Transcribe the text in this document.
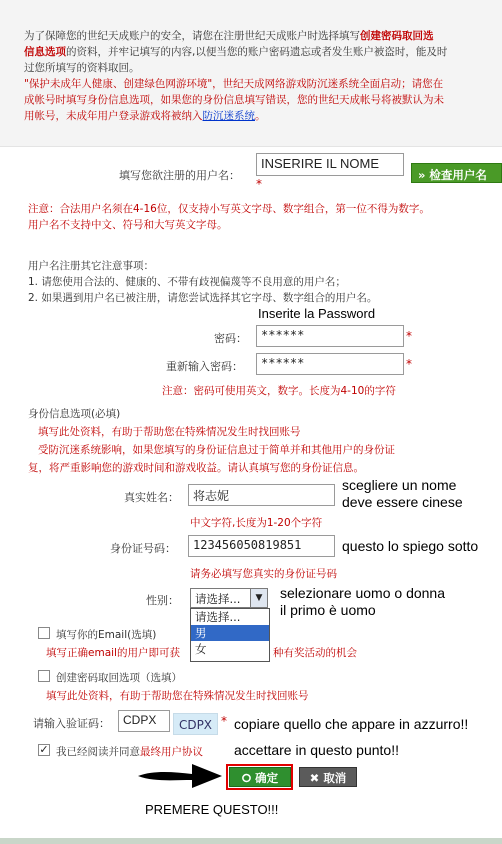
为了保障您的世纪天成账户的安全，请您在注册世纪天成账户时选择填写创建密码取回选
信息选项的资料，并牢记填写的内容,以便当您的账户密码遗忘或者发生账户被盗时，能及时
过您所填写的资料取回。
"保护未成年人健康、创建绿色网游环境"，世纪天成网络游戏防沉迷系统全面启动；请您在
成帐号时填写身份信息选项，如果您的身份信息填写错误，您的世纪天成帐号将被默认为未
用帐号，未成年用户登录游戏将被纳入防沉迷系统。
填写您欲注册的用户名：
INSERIRE IL NOME
*
» 检查用户名
注意：合法用户名须在4-16位，仅支持小写英文字母、数字组合，第一位不得为数字。
用户名不支持中文、符号和大写英文字母。
用户名注册其它注意事项：
1. 请您使用合法的、健康的、不带有歧视偏蔑等不良用意的用户名；
2. 如果遇到用户名已被注册，请您尝试选择其它字母、数字组合的用户名。
Inserite la Password
密码：	******	*
重新输入密码：	******	*
注意：密码可使用英文，数字。长度为4-10的字符
身份信息选项(必填)
填写此处资料，有助于帮助您在特殊情况发生时找回账号
受防沉迷系统影响，如果您填写的身份证信息过于简单并和其他用户的身份证
复，将严重影响您的游戏时间和游戏收益。请认真填写您的身份证信息。
真实姓名：	将志妮
scegliere un nome
deve essere cinese
中文字符,长度为1-20个字符
身份证号码：	123456050819851	questo lo spiego sotto
请务必填写您真实的身份证号码
性别： 请选择...	▼
请选择...
男
女
selezionare uomo o donna
il primo è uomo
填写你的Email(选填)
填写正确email的用户即可获	种有奖活动的机会
创建密码取回选项（选填）
填写此处资料，有助于帮助您在特殊情况发生时找回账号
请输入验证码：	CDPX	CDPX * copiare quello che appare in azzurro!!
✓
我已经阅读并同意最终用户协议 accettare in questo punto!!
⭘ 确定	✖ 取消
PREMERE QUESTO!!!
